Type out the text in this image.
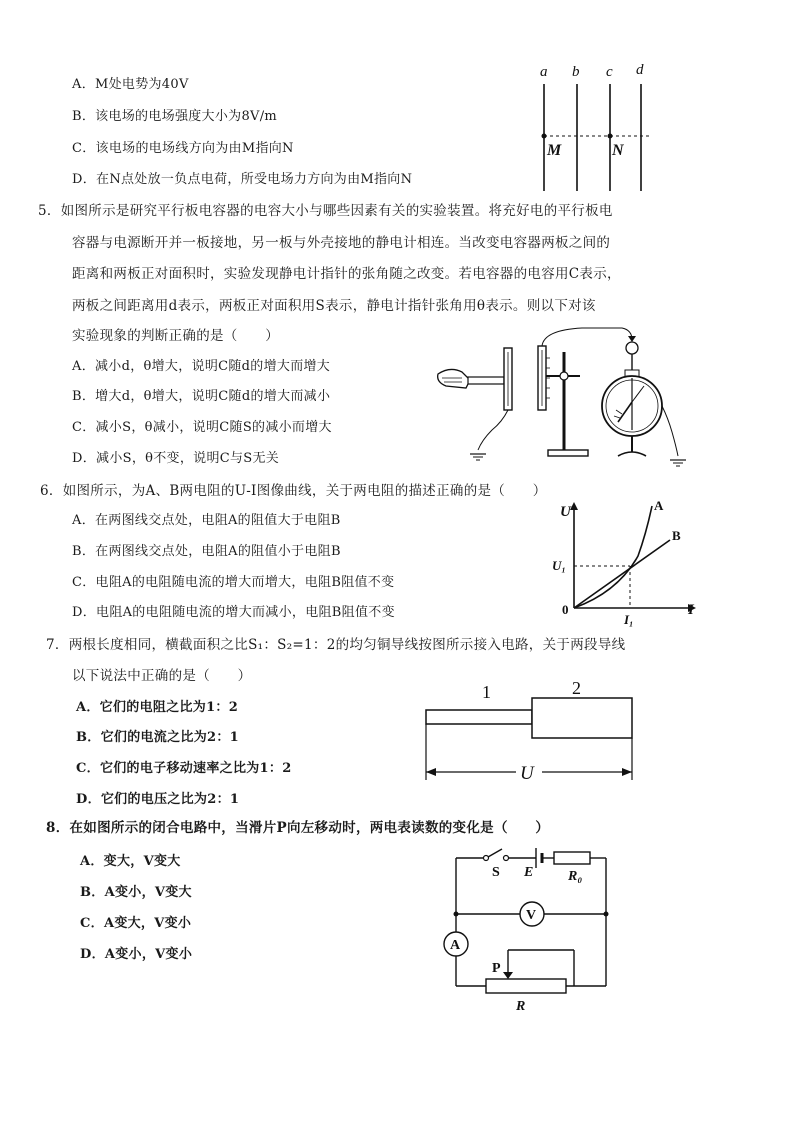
A．M处电势为40V
B．该电场的电场强度大小为8V/m
C．该电场的电场线方向为由M指向N
D．在N点处放一负点电荷，所受电场力方向为由M指向N
a b c d
M	N
5．如图所示是研究平行板电容器的电容大小与哪些因素有关的实验装置。将充好电的平行板电
容器与电源断开并一板接地，另一板与外壳接地的静电计相连。当改变电容器两板之间的
距离和两板正对面积时，实验发现静电计指针的张角随之改变。若电容器的电容用C表示，
两板之间距离用d表示，两板正对面积用S表示，静电计指针张角用θ表示。则以下对该
实验现象的判断正确的是（　　）
A．减小d，θ增大，说明C随d的增大而增大
B．增大d，θ增大，说明C随d的增大而减小
C．减小S，θ减小，说明C随S的减小而增大
D．减小S，θ不变，说明C与S无关
6．如图所示，为A、B两电阻的U-I图像曲线，关于两电阻的描述正确的是（　　）
A．在两图线交点处，电阻A的阻值大于电阻B
B．在两图线交点处，电阻A的阻值小于电阻B
C．电阻A的电阻随电流的增大而增大，电阻B阻值不变
D．电阻A的电阻随电流的增大而减小，电阻B阻值不变
U
I
0
A
B
U₁
I₁
7．两根长度相同，横截面积之比S₁：S₂=1：2的均匀铜导线按图所示接入电路，关于两段导线
以下说法中正确的是（　　）
A．它们的电阻之比为1：2
B．它们的电流之比为2：1
C．它们的电子移动速率之比为1：2
D．它们的电压之比为2：1
1	2
U
8．在如图所示的闭合电路中，当滑片P向左移动时，两电表读数的变化是（　　）
A．变大，V变大
B．A变小，V变大
C．A变大，V变小
D．A变小，V变小
S E R₀
V
A
P
R
